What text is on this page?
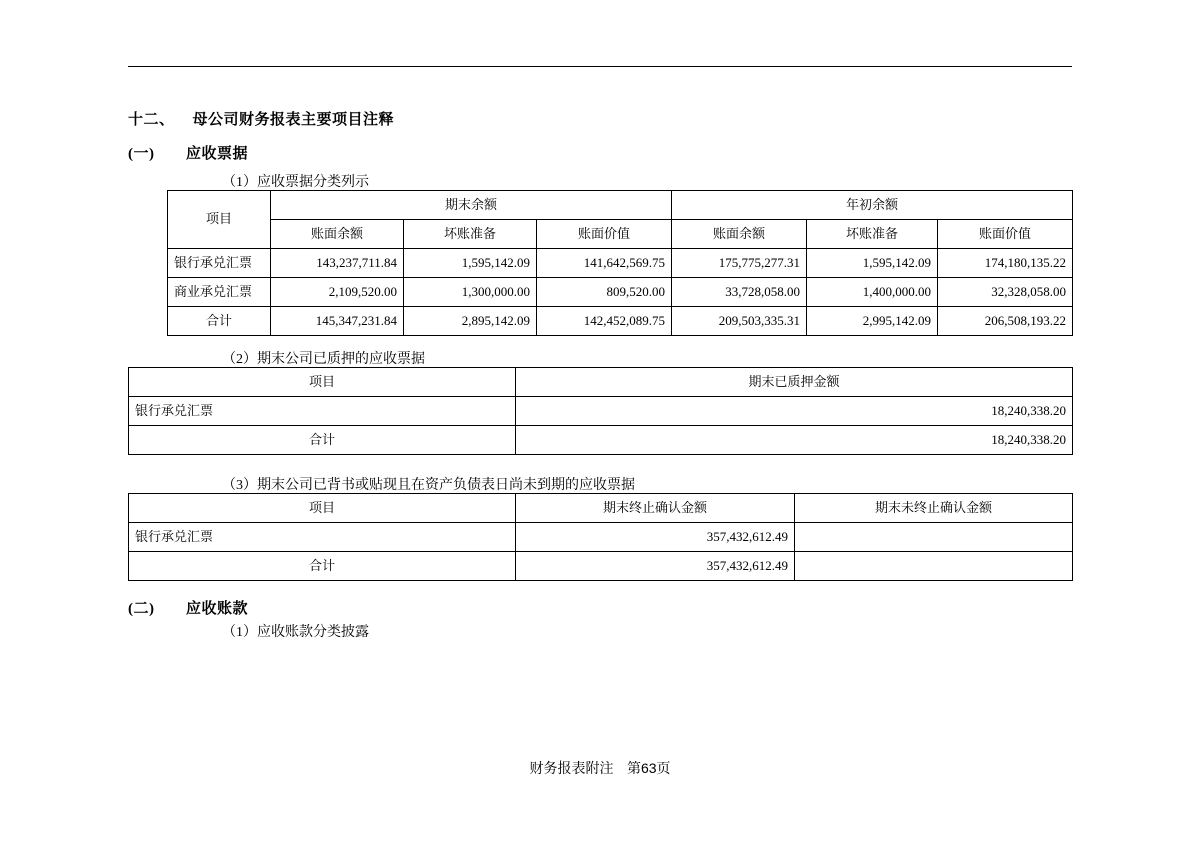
十二、 母公司财务报表主要项目注释
(一) 应收票据
（1）应收票据分类列示
项目	期末余额			年初余额		
	账面余额	坏账准备	账面价值	账面余额	坏账准备	账面价值
银行承兑汇票	143,237,711.84	1,595,142.09	141,642,569.75	175,775,277.31	1,595,142.09	174,180,135.22
商业承兑汇票	2,109,520.00	1,300,000.00	809,520.00	33,728,058.00	1,400,000.00	32,328,058.00
合计	145,347,231.84	2,895,142.09	142,452,089.75	209,503,335.31	2,995,142.09	206,508,193.22
（2）期末公司已质押的应收票据
项目	期末已质押金额
银行承兑汇票	18,240,338.20
合计	18,240,338.20
（3）期末公司已背书或贴现且在资产负债表日尚未到期的应收票据
项目	期末终止确认金额	期末未终止确认金额
银行承兑汇票	357,432,612.49	
合计	357,432,612.49	
(二) 应收账款
（1）应收账款分类披露
财务报表附注 第63页
